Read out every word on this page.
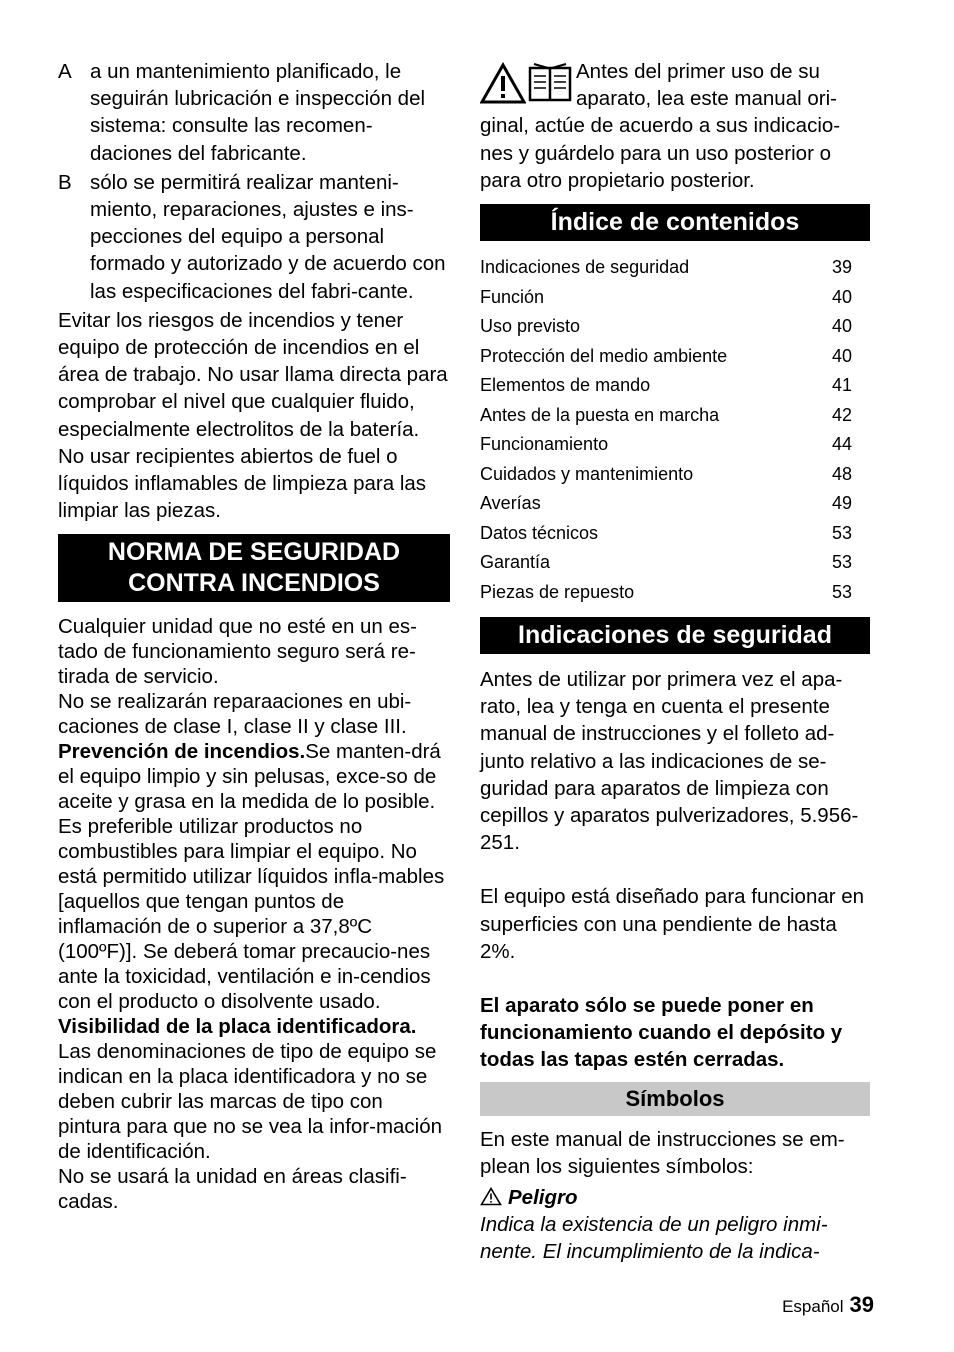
A a un mantenimiento planificado, le seguirán lubricación e inspección del sistema: consulte las recomen-daciones del fabricante.
B sólo se permitirá realizar manteni-miento, reparaciones, ajustes e ins-pecciones del equipo a personal formado y autorizado y de acuerdo con las especificaciones del fabri-cante.

Evitar los riesgos de incendios y tener equipo de protección de incendios en el área de trabajo. No usar llama directa para comprobar el nivel que cualquier fluido, especialmente electrolitos de la batería. No usar recipientes abiertos de fuel o líquidos inflamables de limpieza para las limpiar las piezas.

NORMA DE SEGURIDAD
CONTRA INCENDIOS

Cualquier unidad que no esté en un es-tado de funcionamiento seguro será re-tirada de servicio.

No se realizarán reparaaciones en ubi-caciones de clase I, clase II y clase III.

Prevención de incendios.Se manten-drá el equipo limpio y sin pelusas, exce-so de aceite y grasa en la medida de lo posible. Es preferible utilizar productos no combustibles para limpiar el equipo. No está permitido utilizar líquidos infla-mables [aquellos que tengan puntos de inflamación de o superior a 37,8ºC (100ºF)]. Se deberá tomar precaucio-nes ante la toxicidad, ventilación e in-cendios con el producto o disolvente usado.

Visibilidad de la placa identificadora.

Las denominaciones de tipo de equipo se indican en la placa identificadora y no se deben cubrir las marcas de tipo con pintura para que no se vea la infor-mación de identificación.

No se usará la unidad en áreas clasifi-cadas.

Antes del primer uso de su

aparato, lea este manual ori-

ginal, actúe de acuerdo a sus indicacio-nes y guárdelo para un uso posterior o para otro propietario posterior.

Índice de contenidos
Indicaciones de seguridad	39
Función	40
Uso previsto	40
Protección del medio ambiente	40
Elementos de mando	41
Antes de la puesta en marcha	42
Funcionamiento	44
Cuidados y mantenimiento	48
Averías	49
Datos técnicos	53
Garantía	53
Piezas de repuesto	53
Indicaciones de seguridad

Antes de utilizar por primera vez el apa-rato, lea y tenga en cuenta el presente manual de instrucciones y el folleto ad-junto relativo a las indicaciones de se-guridad para aparatos de limpieza con cepillos y aparatos pulverizadores, 5.956-251.

El equipo está diseñado para funcionar en superficies con una pendiente de hasta 2%.

El aparato sólo se puede poner en funcionamiento cuando el depósito y todas las tapas estén cerradas.

Símbolos

En este manual de instrucciones se em-plean los siguientes símbolos:

Peligro

Indica la existencia de un peligro inmi-nente. El incumplimiento de la indica-

Español 39
